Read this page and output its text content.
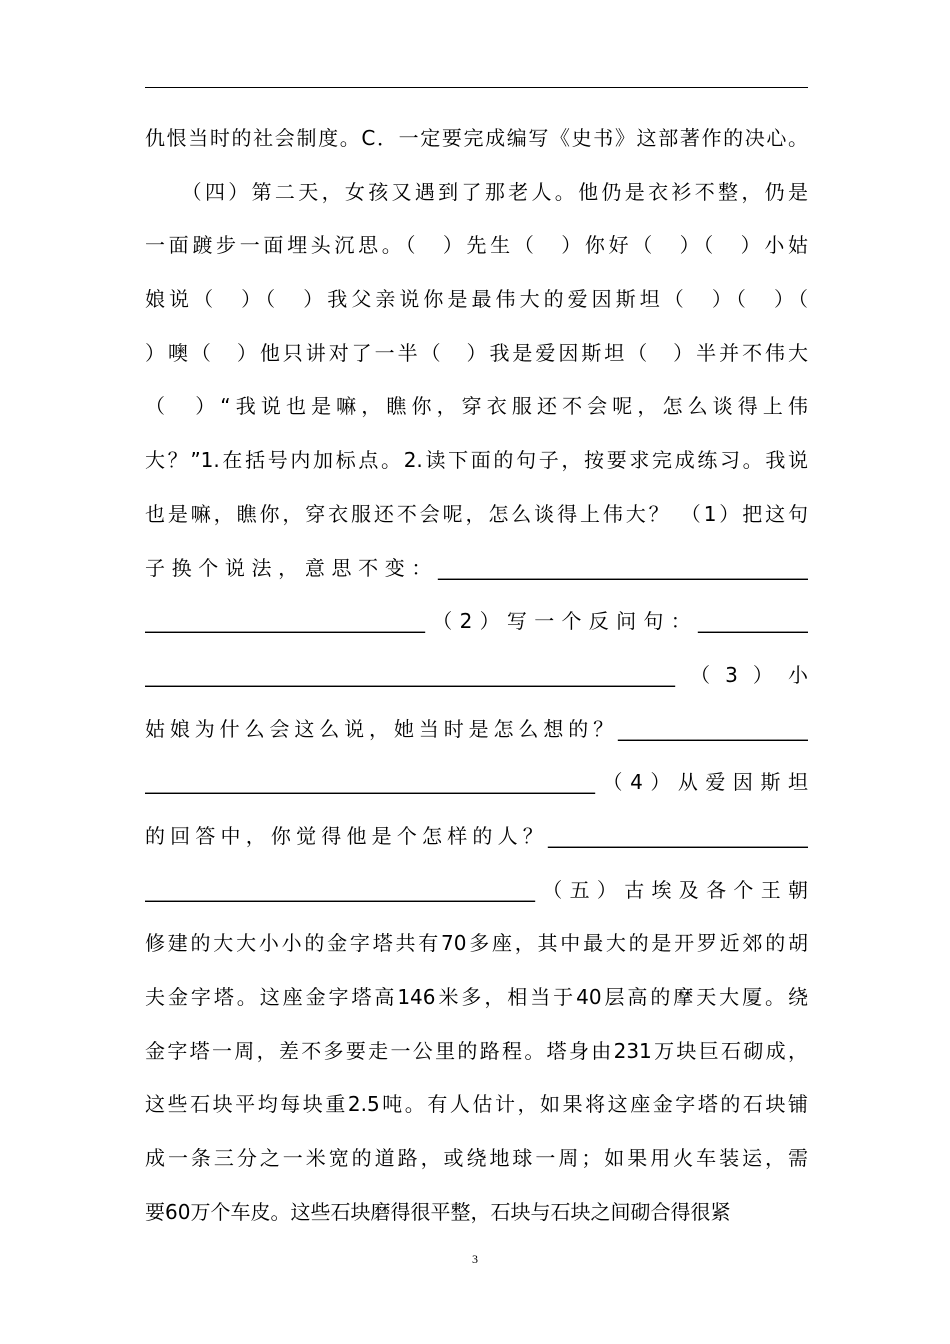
仇恨当时的社会制度。C．一定要完成编写《史书》这部著作的决心。
　　（四）第二天，女孩又遇到了那老人。他仍是衣衫不整，仍是
一面踱步一面埋头沉思。（　）先生（　）你好（　）（　）小姑
娘说（　）（　）我父亲说你是最伟大的爱因斯坦（　）（　）（
）噢（　）他只讲对了一半（　）我是爱因斯坦（　）半并不伟大
（　）“我说也是嘛，瞧你，穿衣服还不会呢，怎么谈得上伟
大？”1.在括号内加标点。2.读下面的句子，按要求完成练习。我说
也是嘛，瞧你，穿衣服还不会呢，怎么谈得上伟大？ （1）把这句
子换个说法，意思不变：_____________________________________
____________________________（2）写一个反问句：___________
_____________________________________________________（3）小
姑娘为什么会这么说，她当时是怎么想的？___________________
_____________________________________________（4）从爱因斯坦
的回答中，你觉得他是个怎样的人？__________________________
_______________________________________（五）古埃及各个王朝
修建的大大小小的金字塔共有70多座，其中最大的是开罗近郊的胡
夫金字塔。这座金字塔高146米多，相当于40层高的摩天大厦。绕
金字塔一周，差不多要走一公里的路程。塔身由231万块巨石砌成，
这些石块平均每块重2.5吨。有人估计，如果将这座金字塔的石块铺
成一条三分之一米宽的道路，或绕地球一周；如果用火车装运，需
要60万个车皮。这些石块磨得很平整，石块与石块之间砌合得很紧
3
